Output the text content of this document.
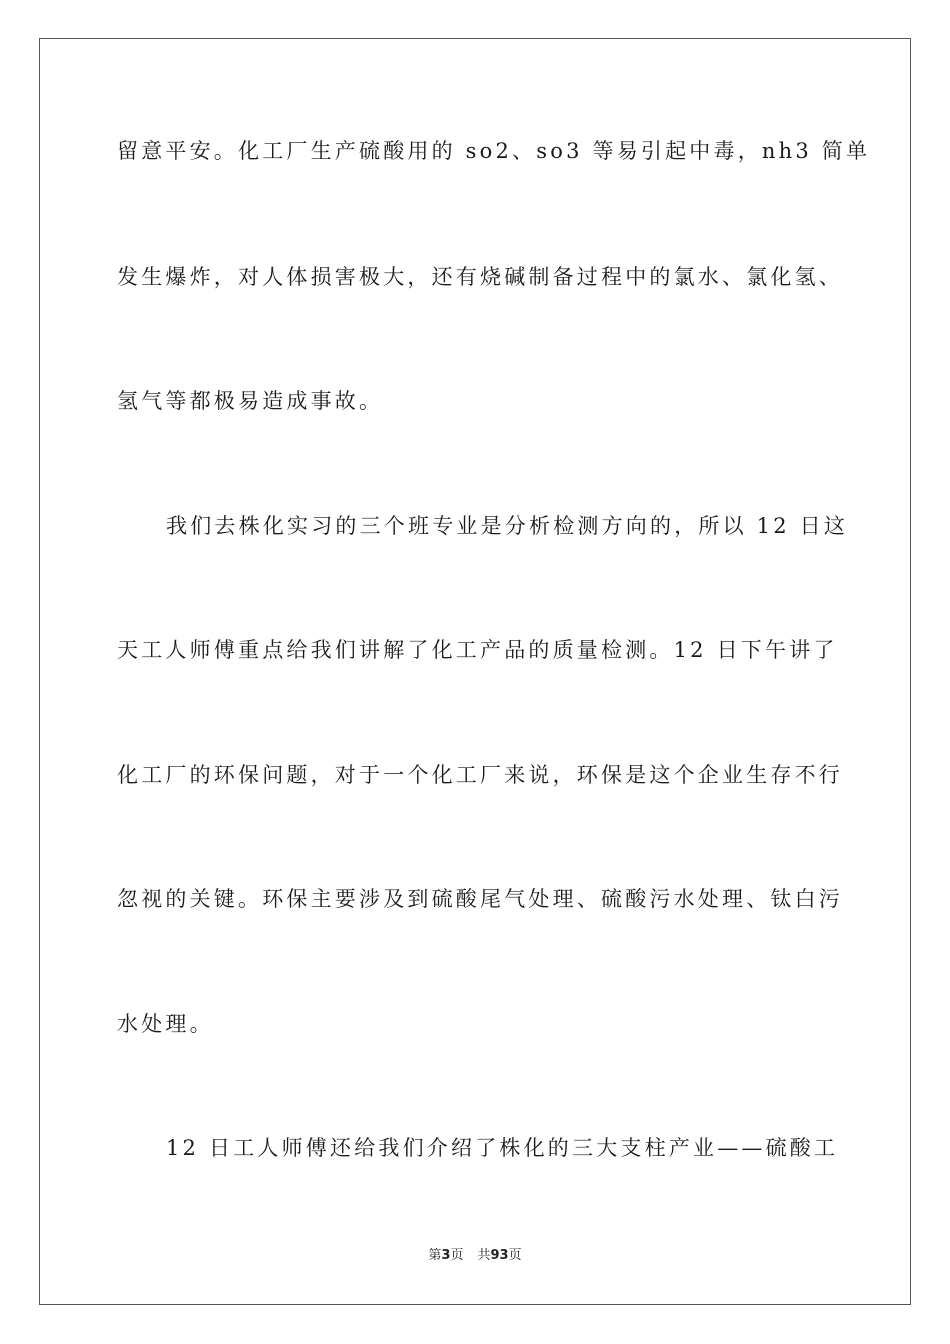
留意平安。化工厂生产硫酸用的 so2、so3 等易引起中毒，nh3 简单
发生爆炸，对人体损害极大，还有烧碱制备过程中的氯水、氯化氢、
氢气等都极易造成事故。
我们去株化实习的三个班专业是分析检测方向的，所以 12 日这
天工人师傅重点给我们讲解了化工产品的质量检测。12 日下午讲了
化工厂的环保问题，对于一个化工厂来说，环保是这个企业生存不行
忽视的关键。环保主要涉及到硫酸尾气处理、硫酸污水处理、钛白污
水处理。
12 日工人师傅还给我们介绍了株化的三大支柱产业——硫酸工
第3页 共93页
